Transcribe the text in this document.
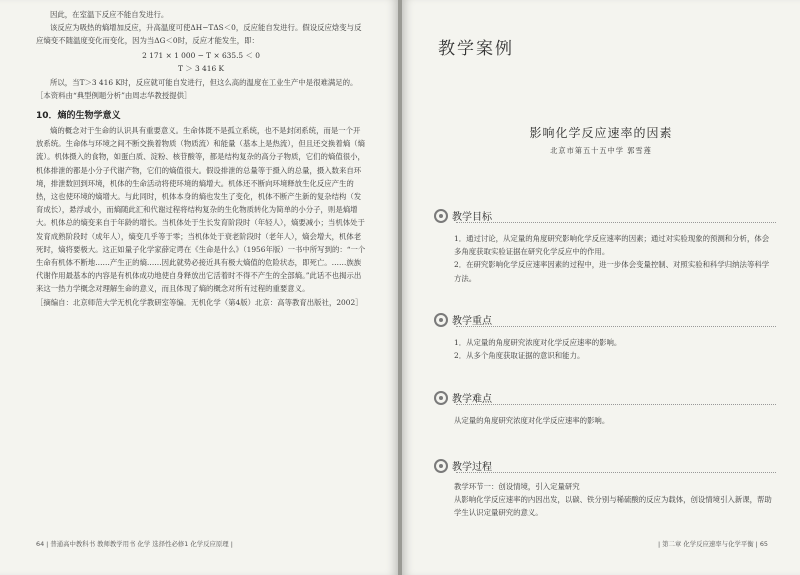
因此，在室温下反应不能自发进行。

该反应为吸热的熵增加反应，升高温度可使ΔH−TΔS＜0，反应能自发进行。假设反应焓变与反应熵变不随温度变化而变化，因为当ΔG＜0时，反应才能发生，即：

2 171 × 1 000 − T × 635.5 ＜ 0

T ＞ 3 416 K

所以，当T＞3 416 K时，反应就可能自发进行，但这么高的温度在工业生产中是很难满足的。

［本资料由“典型例题分析”由周志华教授提供］

10．熵的生物学意义

熵的概念对于生命的认识具有重要意义。生命体既不是孤立系统，也不是封闭系统，而是一个开放系统。生命体与环境之间不断交换着物质（物质流）和能量（基本上是热流），但且还交换着熵（熵流）。机体摄入的食物，如蛋白质、淀粉、核苷酸等，都是结构复杂的高分子物质，它们的熵值很小，机体排泄的都是小分子代谢产物，它们的熵值很大。假设排泄的总量等于摄入的总量，摄入数来自环境，排泄数回到环境，机体的生命活动将使环境的熵增大。机体还不断向环境释放生化反应产生的热，这也使环境的熵增大。与此同时，机体本身的熵也发生了变化，机体不断产生新的复杂结构（发育成长），悬浮或小，而熵随此汇和代谢过程将结构复杂的生化物质转化为简单的小分子，则是熵增大。机体总的熵变来自于年龄的增长。当机体处于生长发育阶段时（年轻人），熵要减小；当机体处于发育成熟阶段时（成年人），熵变几乎等于零；当机体处于衰老阶段时（老年人），熵会增大，机体老死时，熵将要极大。这正如量子化学家薛定谔在《生命是什么》（1956年版）一书中所写到的：“一个生命有机体不断地……产生正的熵……因此就势必接近具有极大熵值的危险状态，即死亡。……族族代谢作用最基本的内容是有机体成功地使自身释放出它活着时不得不产生的全部熵。”此话不也揭示出来这一热力学概念对理解生命的意义，而且体现了熵的概念对所有过程的重要意义。

［摘编自：北京师范大学无机化学教研室等编．无机化学（第4版）北京：高等教育出版社，2002］

64 | 普通高中教科书 教师教学用书 化学 选择性必修1 化学反应原理 |
教学案例
影响化学反应速率的因素
北京市第五十五中学 郭雪莲
教学目标

1．通过讨论，从定量的角度研究影响化学反应速率的因素；通过对实验现象的预测和分析，体会多角度获取实验证据在研究化学反应中的作用。

2．在研究影响化学反应速率因素的过程中，进一步体会变量控制、对照实验和科学归纳法等科学方法。

教学重点

1．从定量的角度研究浓度对化学反应速率的影响。

2．从多个角度获取证据的意识和能力。

教学难点

从定量的角度研究浓度对化学反应速率的影响。

教学过程

教学环节一：创设情境，引入定量研究

从影响化学反应速率的内因出发，以碳、铁分别与稀硫酸的反应为载体，创设情境引入新课，帮助学生认识定量研究的意义。

| 第二章 化学反应速率与化学平衡 | 65
